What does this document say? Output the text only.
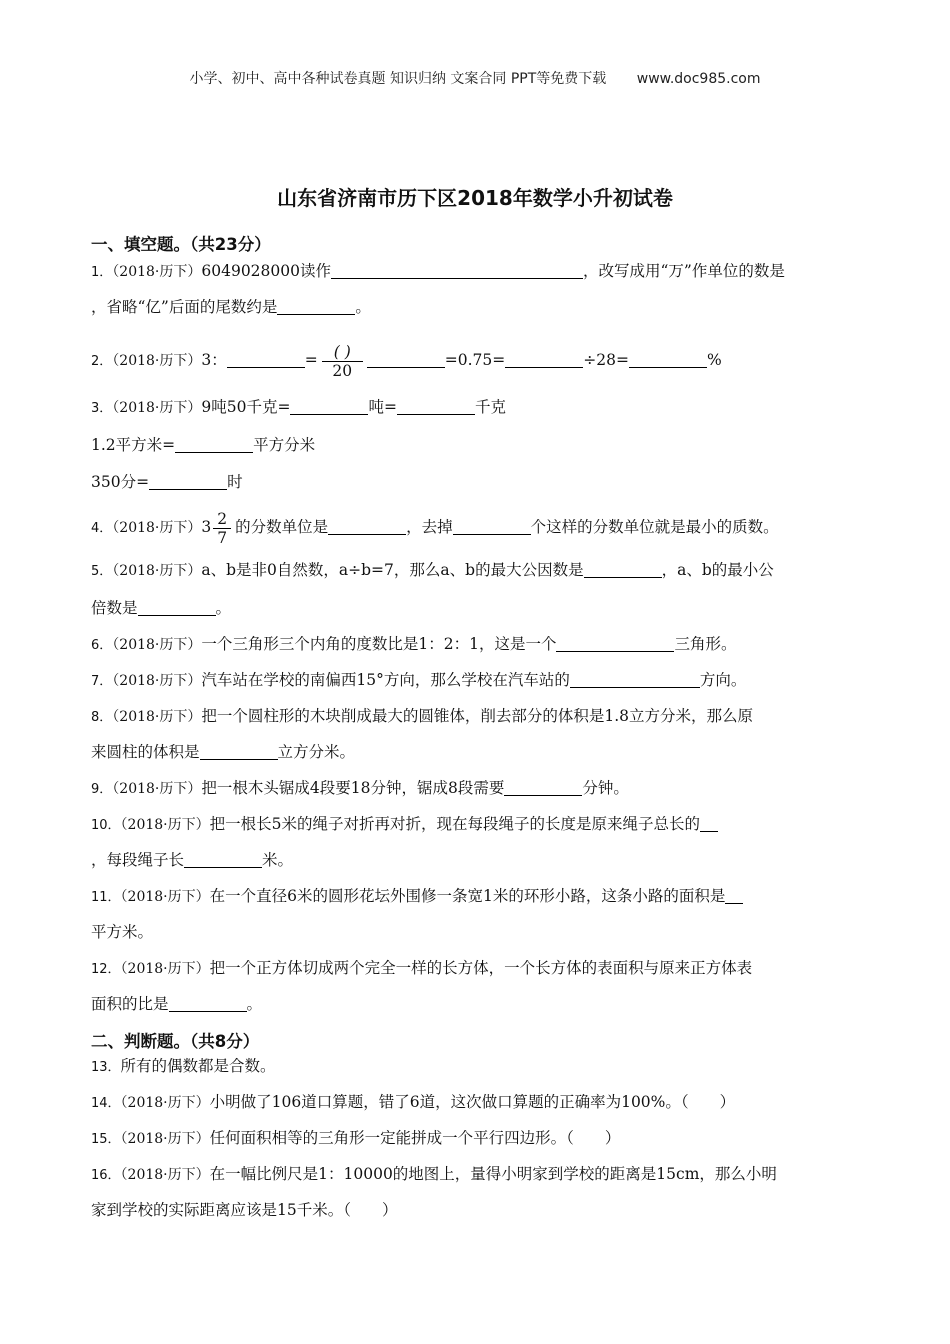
小学、初中、高中各种试卷真题 知识归纳 文案合同 PPT等免费下载 www.doc985.com
山东省济南市历下区2018年数学小升初试卷
一、填空题。（共23分）

1．（2018·历下）6049028000读作	，改写成用“万”作单位的数是

，省略“亿”后面的尾数约是	。

2．（2018·历下）3：	= $\frac{( )}{20}$	=0.75=	÷28=	%

3．（2018·历下）9吨50千克=	吨=	千克

1.2平方米=	平方分米

350分=	时

4．（2018·历下）$3 \frac{2}{7}$ 的分数单位是	，去掉	个这样的分数单位就是最小的质数。

5．（2018·历下）a、b是非0自然数，a÷b=7，那么a、b的最大公因数是	，a、b的最小公

倍数是	。

6．（2018·历下）一个三角形三个内角的度数比是1：2：1，这是一个	三角形。

7．（2018·历下）汽车站在学校的南偏西15°方向，那么学校在汽车站的	方向。

8．（2018·历下）把一个圆柱形的木块削成最大的圆锥体，削去部分的体积是1.8立方分米，那么原

来圆柱的体积是	立方分米。

9．（2018·历下）把一根木头锯成4段要18分钟，锯成8段需要	分钟。

10．（2018·历下）把一根长5米的绳子对折再对折，现在每段绳子的长度是原来绳子总长的

，每段绳子长	米。

11．（2018·历下）在一个直径6米的圆形花坛外围修一条宽1米的环形小路，这条小路的面积是

平方米。

12．（2018·历下）把一个正方体切成两个完全一样的长方体，一个长方体的表面积与原来正方体表

面积的比是	。

二、判断题。（共8分）

13．所有的偶数都是合数。

14．（2018·历下）小明做了106道口算题，错了6道，这次做口算题的正确率为100%。（　　）

15．（2018·历下）任何面积相等的三角形一定能拼成一个平行四边形。（　　）

16．（2018·历下）在一幅比例尺是1：10000的地图上，量得小明家到学校的距离是15cm，那么小明

家到学校的实际距离应该是15千米。（　　）
